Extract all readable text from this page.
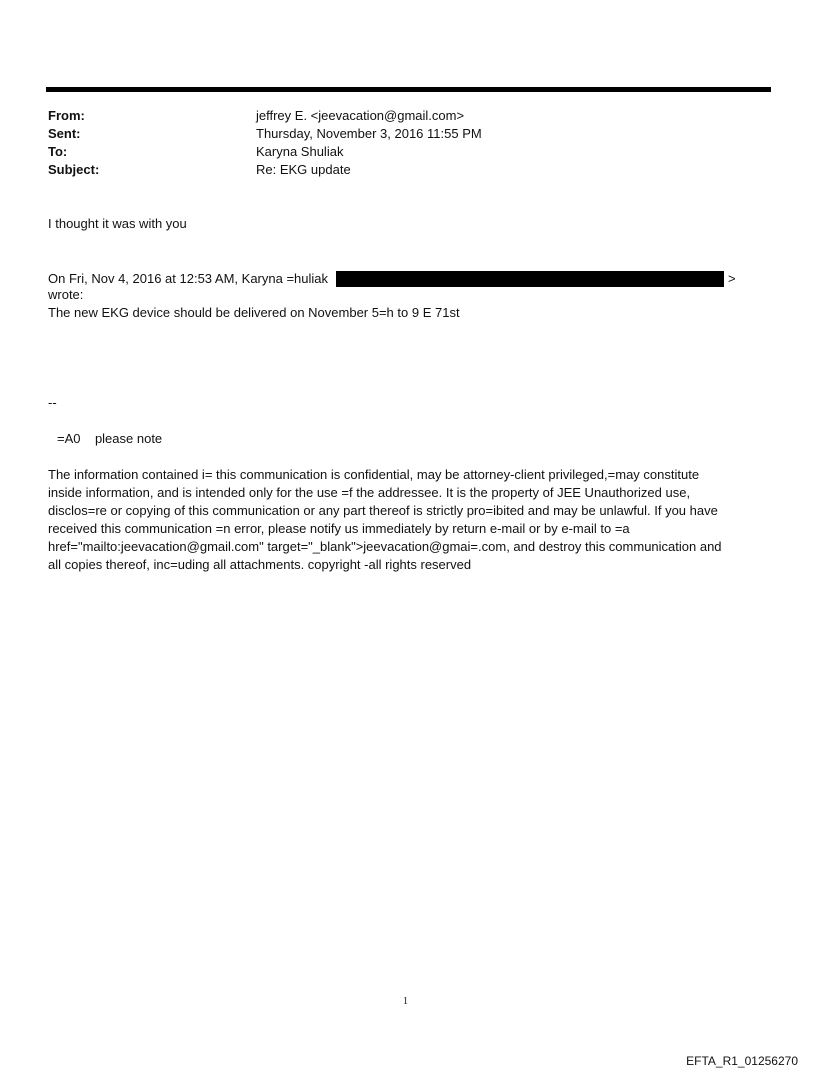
From:	jeffrey E. <jeevacation@gmail.com>
Sent:	Thursday, November 3, 2016 11:55 PM
To:	Karyna Shuliak
Subject:	Re: EKG update
I thought it was with you
On Fri, Nov 4, 2016 at 12:53 AM, Karyna =huliak	>
wrote:
The new EKG device should be delivered on November 5=h to 9 E 71st
--
=A0    please note
The information contained i= this communication is confidential, may be attorney-client privileged,=may constitute
inside information, and is intended only for the use =f the addressee. It is the property of JEE Unauthorized use,
disclos=re or copying of this communication or any part thereof is strictly pro=ibited and may be unlawful. If you have
received this communication =n error, please notify us immediately by return e-mail or by e-mail to =a
href="mailto:jeevacation@gmail.com" target="_blank">jeevacation@gmai=.com, and destroy this communication and
all copies thereof, inc=uding all attachments. copyright -all rights reserved
1
EFTA_R1_01256270
